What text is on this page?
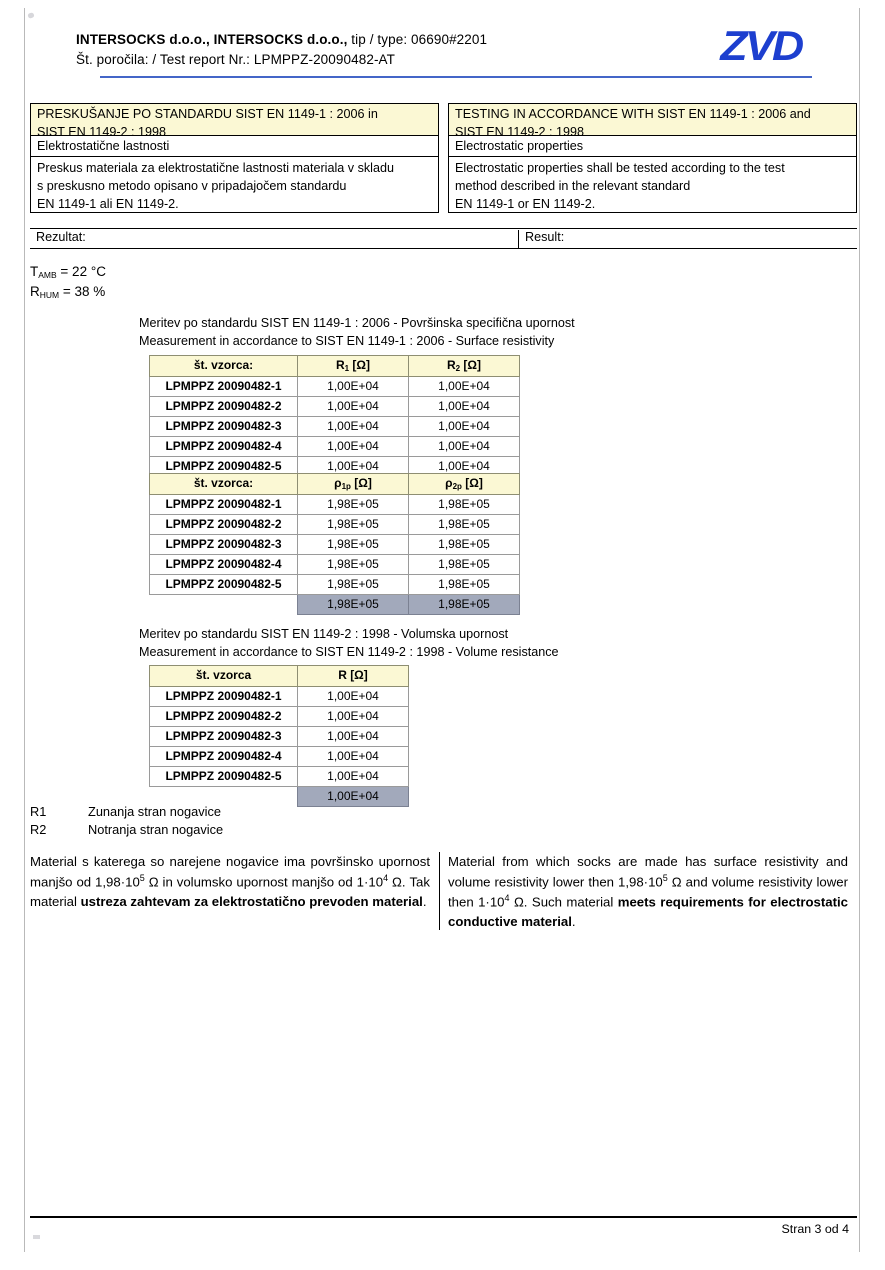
INTERSOCKS d.o.o., INTERSOCKS d.o.o., tip / type: 06690#2201
Št. poročila: / Test report Nr.: LPMPPZ-20090482-AT	ZVD
PRESKUŠANJE PO STANDARDU SIST EN 1149-1 : 2006 in
SIST EN 1149-2 : 1998
Elektrostatične lastnosti
Preskus materiala za elektrostatične lastnosti materiala v skladu
s preskusno metodo opisano v pripadajočem standardu
EN 1149-1 ali EN 1149-2.
TESTING IN ACCORDANCE WITH SIST EN 1149-1 : 2006 and
SIST EN 1149-2 : 1998
Electrostatic properties
Electrostatic properties shall be tested according to the test
method described in the relevant standard
EN 1149-1 or EN 1149-2.
Rezultat:	Result:
$T_{AMB} = 22$ °C
$R_{HUM} = 38$ %
Meritev po standardu SIST EN 1149-1 : 2006 - Površinska specifična upornost
Measurement in accordance to SIST EN 1149-1 : 2006 - Surface resistivity
št. vzorca:	$R_1$ [Ω]	$R_2$ [Ω]
LPMPPZ 20090482-1	1,00E+04	1,00E+04
LPMPPZ 20090482-2	1,00E+04	1,00E+04
LPMPPZ 20090482-3	1,00E+04	1,00E+04
LPMPPZ 20090482-4	1,00E+04	1,00E+04
LPMPPZ 20090482-5	1,00E+04	1,00E+04
št. vzorca:	$\rho_{1p}$ [Ω]	$\rho_{2p}$ [Ω]
LPMPPZ 20090482-1	1,98E+05	1,98E+05
LPMPPZ 20090482-2	1,98E+05	1,98E+05
LPMPPZ 20090482-3	1,98E+05	1,98E+05
LPMPPZ 20090482-4	1,98E+05	1,98E+05
LPMPPZ 20090482-5	1,98E+05	1,98E+05
	1,98E+05	1,98E+05
Meritev po standardu SIST EN 1149-2 : 1998 - Volumska upornost
Measurement in accordance to SIST EN 1149-2 : 1998 - Volume resistance
št. vzorca	R [Ω]
LPMPPZ 20090482-1	1,00E+04
LPMPPZ 20090482-2	1,00E+04
LPMPPZ 20090482-3	1,00E+04
LPMPPZ 20090482-4	1,00E+04
LPMPPZ 20090482-5	1,00E+04
	1,00E+04
R1	Zunanja stran nogavice
R2	Notranja stran nogavice
Material s katerega so narejene nogavice ima površinsko upornost manjšo od $1,98\cdot 10^5$ Ω in volumsko upornost manjšo od $1\cdot 10^4$ Ω. Tak material ustreza zahtevam za elektrostatično prevoden material.
Material from which socks are made has surface resistivity and volume resistivity lower then $1,98\cdot 10^5$ Ω and volume resistivity lower then $1\cdot 10^4$ Ω. Such material meets requirements for electrostatic conductive material.
Stran 3 od 4
